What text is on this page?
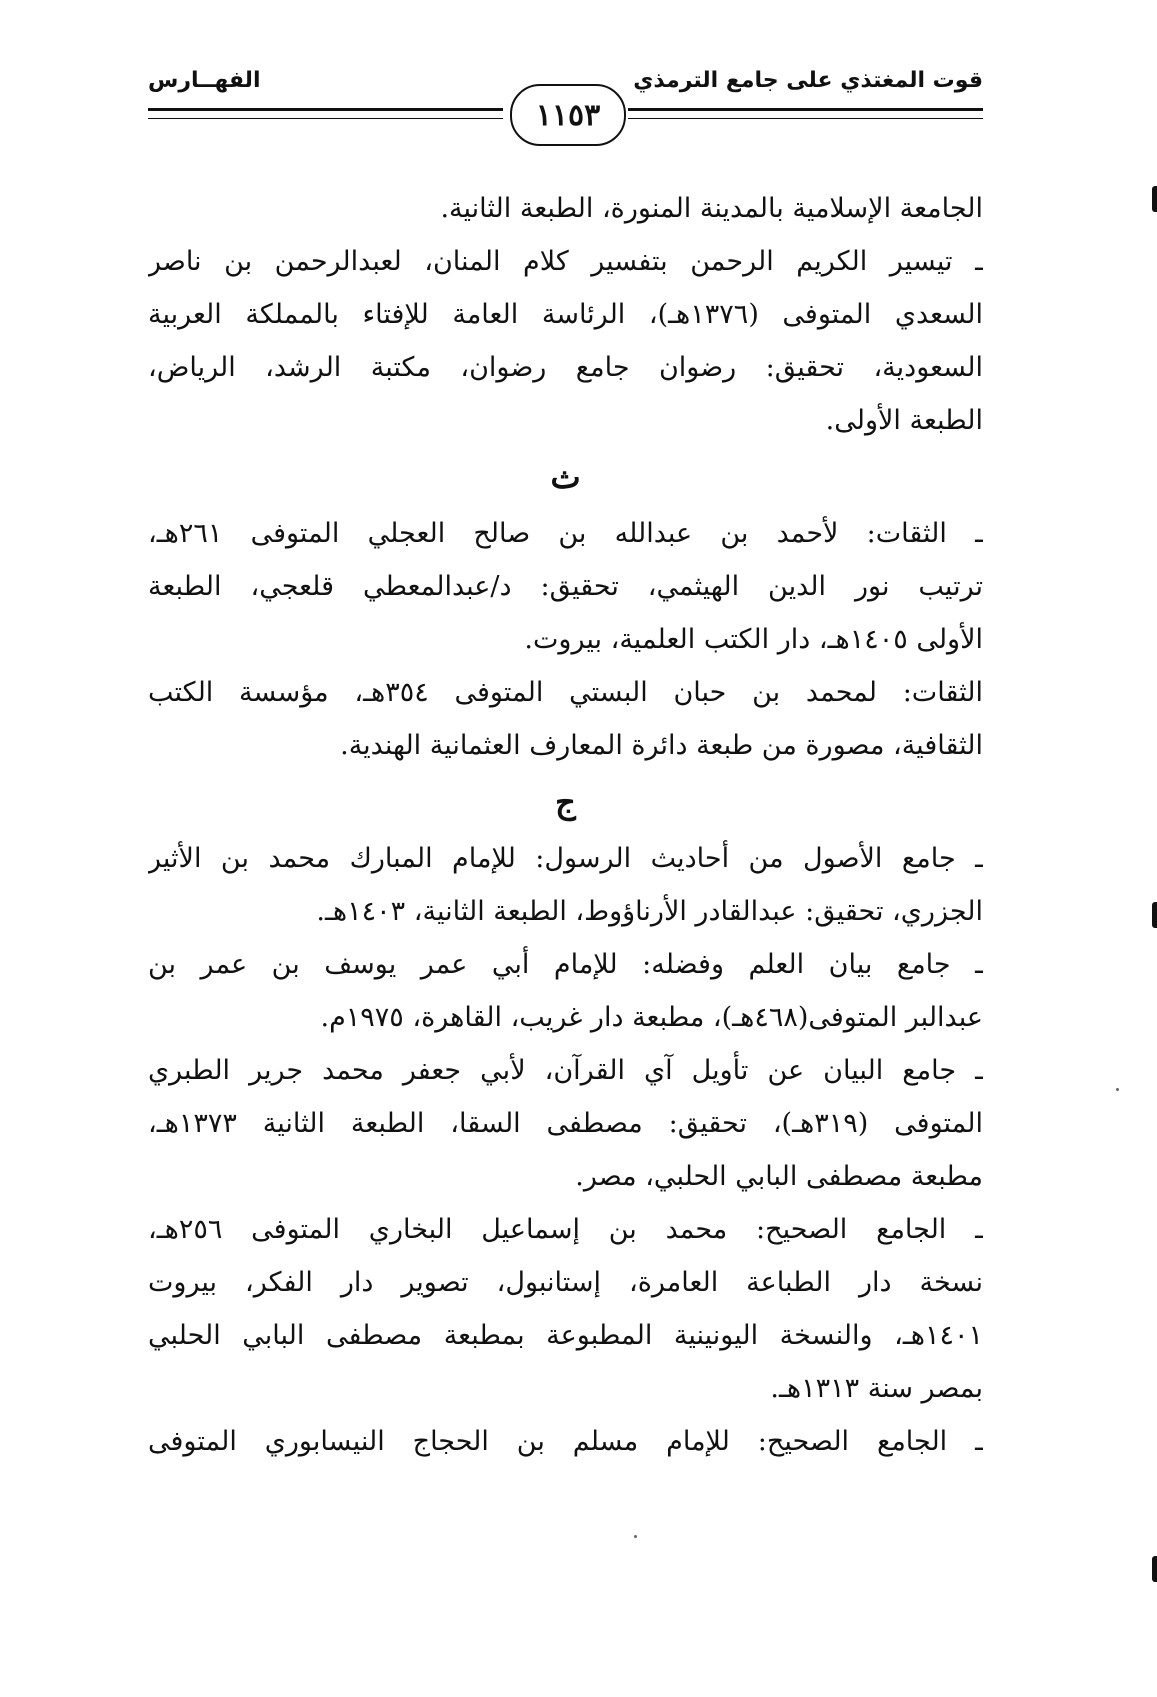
قوت المغتذي على جامع الترمذي
الفهــارس
١١٥٣
الجامعة الإسلامية بالمدينة المنورة، الطبعة الثانية.
ـ تيسير الكريم الرحمن بتفسير كلام المنان، لعبدالرحمن بن ناصر
السعدي المتوفى (١٣٧٦هـ)، الرئاسة العامة للإفتاء بالمملكة العربية
السعودية، تحقيق: رضوان جامع رضوان، مكتبة الرشد، الرياض،
الطبعة الأولى.
ث
ـ الثقات: لأحمد بن عبدالله بن صالح العجلي المتوفى ٢٦١هـ،
ترتيب نور الدين الهيثمي، تحقيق: د/عبدالمعطي قلعجي، الطبعة
الأولى ١٤٠٥هـ، دار الكتب العلمية، بيروت.
الثقات: لمحمد بن حبان البستي المتوفى ٣٥٤هـ، مؤسسة الكتب
الثقافية، مصورة من طبعة دائرة المعارف العثمانية الهندية.
ج
ـ جامع الأصول من أحاديث الرسول: للإمام المبارك محمد بن الأثير
الجزري، تحقيق: عبدالقادر الأرناؤوط، الطبعة الثانية، ١٤٠٣هـ.
ـ جامع بيان العلم وفضله: للإمام أبي عمر يوسف بن عمر بن
عبدالبر المتوفى(٤٦٨هـ)، مطبعة دار غريب، القاهرة، ١٩٧٥م.
ـ جامع البيان عن تأويل آي القرآن، لأبي جعفر محمد جرير الطبري
المتوفى (٣١٩هـ)، تحقيق: مصطفى السقا، الطبعة الثانية ١٣٧٣هـ،
مطبعة مصطفى البابي الحلبي، مصر.
ـ الجامع الصحيح: محمد بن إسماعيل البخاري المتوفى ٢٥٦هـ،
نسخة دار الطباعة العامرة، إستانبول، تصوير دار الفكر، بيروت
١٤٠١هـ، والنسخة اليونينية المطبوعة بمطبعة مصطفى البابي الحلبي
بمصر سنة ١٣١٣هـ.
ـ الجامع الصحيح: للإمام مسلم بن الحجاج النيسابوري المتوفى
